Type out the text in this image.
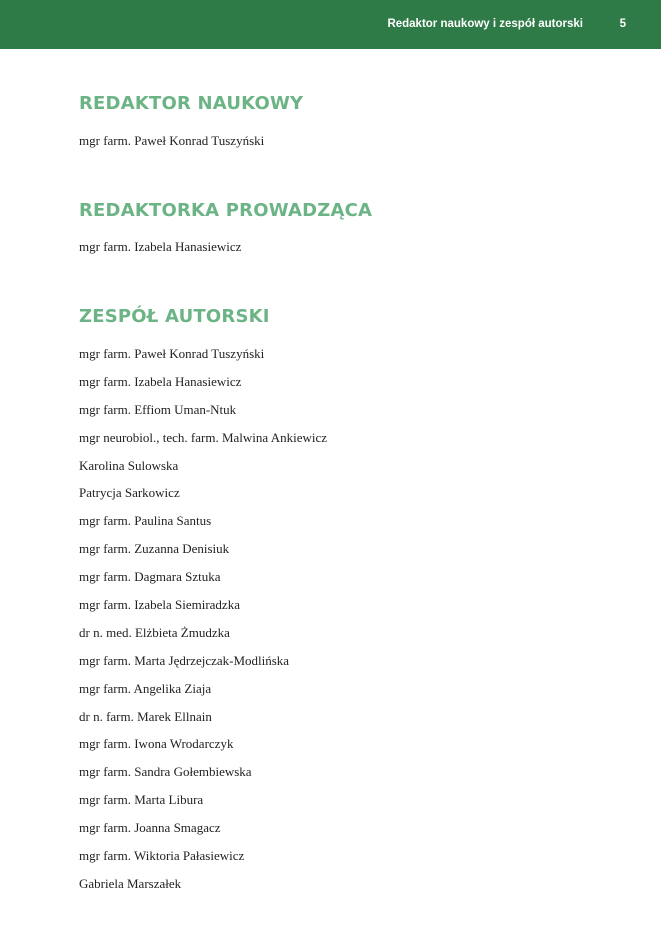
Redaktor naukowy i zespół autorski	5
REDAKTOR NAUKOWY
mgr farm. Paweł Konrad Tuszyński
REDAKTORKA PROWADZĄCA
mgr farm. Izabela Hanasiewicz
ZESPÓŁ AUTORSKI
mgr farm. Paweł Konrad Tuszyński
mgr farm. Izabela Hanasiewicz
mgr farm. Effiom Uman-Ntuk
mgr neurobiol., tech. farm. Malwina Ankiewicz
Karolina Sulowska
Patrycja Sarkowicz
mgr farm. Paulina Santus
mgr farm. Zuzanna Denisiuk
mgr farm. Dagmara Sztuka
mgr farm. Izabela Siemiradzka
dr n. med. Elżbieta Żmudzka
mgr farm. Marta Jędrzejczak-Modlińska
mgr farm. Angelika Ziaja
dr n. farm. Marek Ellnain
mgr farm. Iwona Wrodarczyk
mgr farm. Sandra Gołembiewska
mgr farm. Marta Libura
mgr farm. Joanna Smagacz
mgr farm. Wiktoria Pałasiewicz
Gabriela Marszałek
